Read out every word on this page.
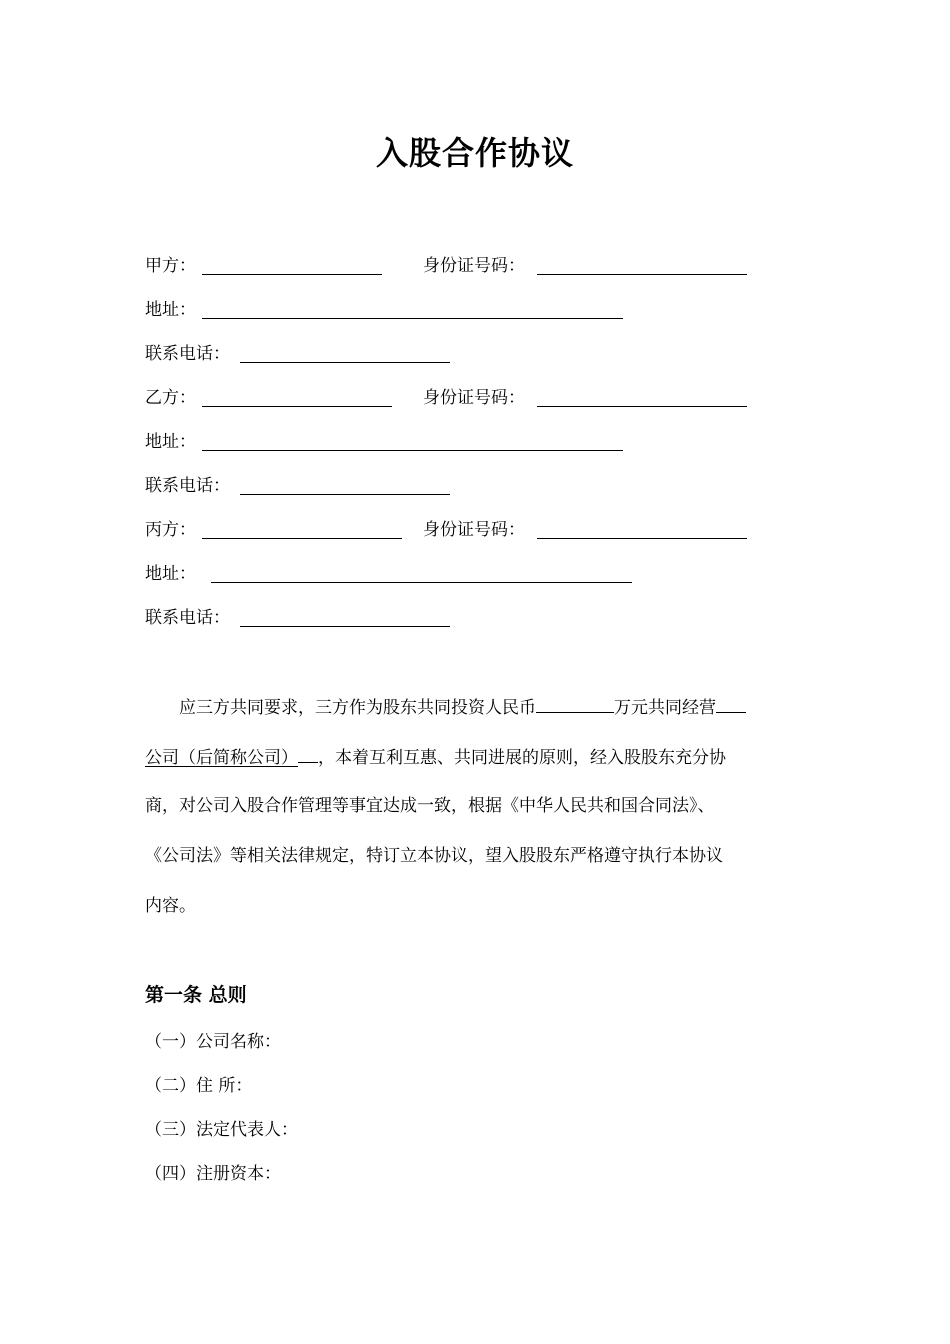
入股合作协议
甲方：	身份证号码：
地址：
联系电话：
乙方：	身份证号码：
地址：
联系电话：
丙方：	身份证号码：
地址：
联系电话：
应三方共同要求，三方作为股东共同投资人民币	万元共同经营
公司（后简称公司） ，本着互利互惠、共同进展的原则，经入股股东充分协
商，对公司入股合作管理等事宜达成一致，根据《中华人民共和国合同法》、
《公司法》等相关法律规定，特订立本协议，望入股股东严格遵守执行本协议
内容。
第一条 总则
（一）公司名称：
（二）住 所：
（三）法定代表人：
（四）注册资本：
